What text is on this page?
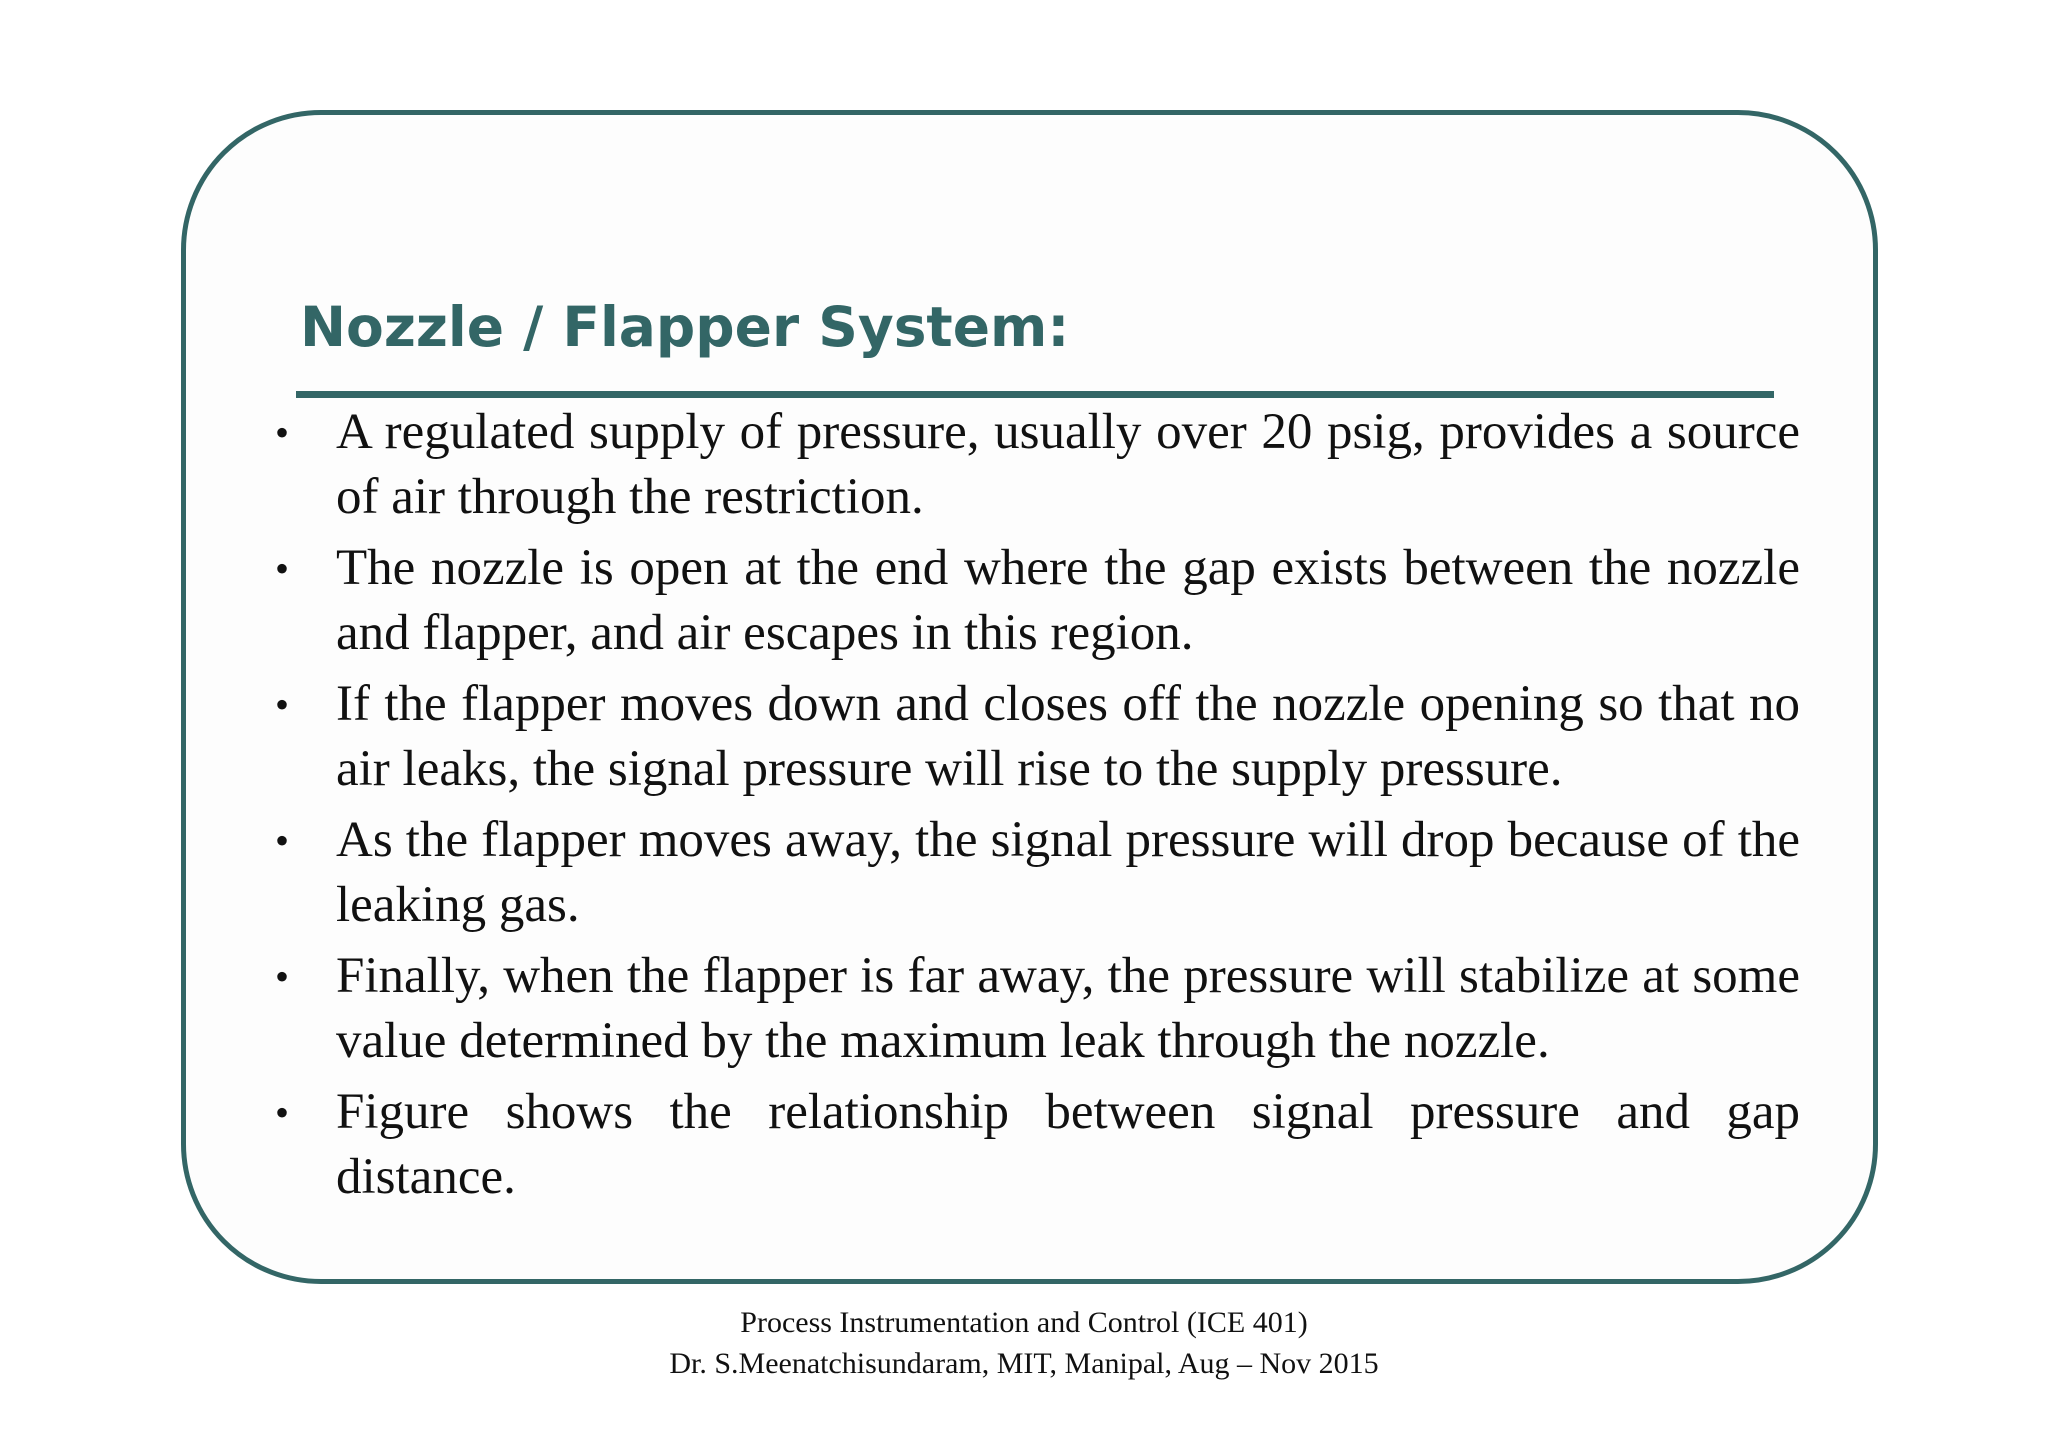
Nozzle / Flapper System:
• A regulated supply of pressure, usually over 20 psig, provides a source of air through the restriction.
• The nozzle is open at the end where the gap exists between the nozzle and flapper, and air escapes in this region.
• If the flapper moves down and closes off the nozzle opening so that no air leaks, the signal pressure will rise to the supply pressure.
• As the flapper moves away, the signal pressure will drop because of the leaking gas.
• Finally, when the flapper is far away, the pressure will stabilize at some value determined by the maximum leak through the nozzle.
• Figure shows the relationship between signal pressure and gap distance.
Process Instrumentation and Control (ICE 401)
Dr. S.Meenatchisundaram, MIT, Manipal, Aug – Nov 2015
